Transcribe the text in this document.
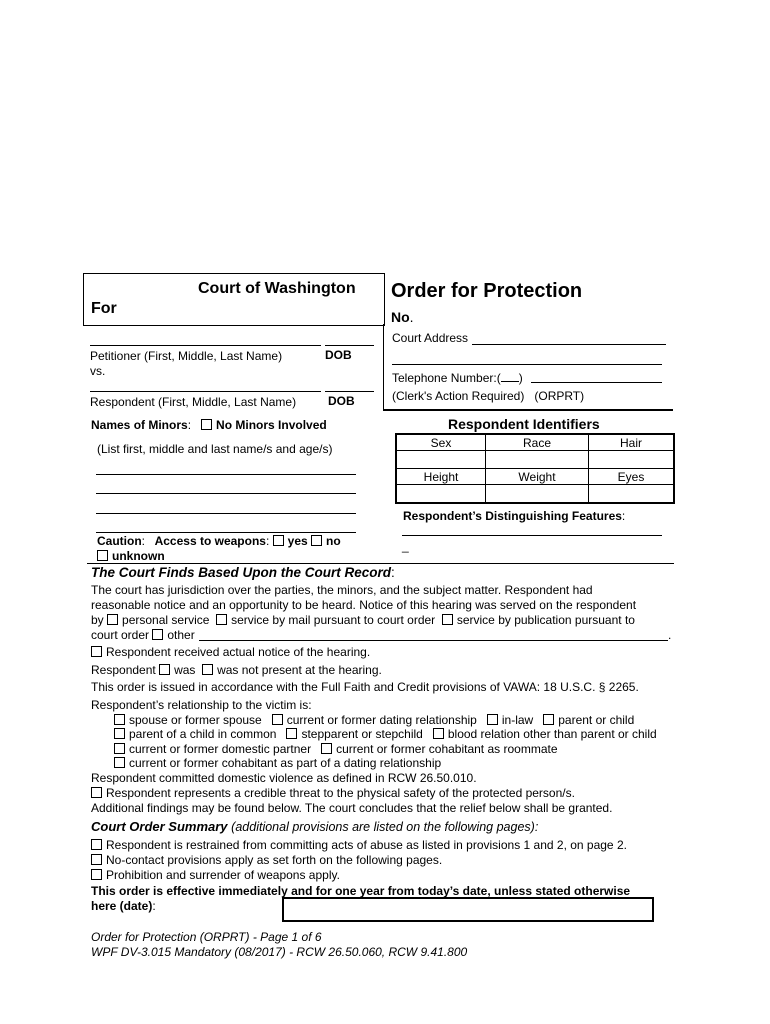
Court of Washington
For
Petitioner (First, Middle, Last Name)	DOB
vs.
Respondent (First, Middle, Last Name)	DOB
Order for Protection
No.
Court Address
Telephone Number:( )
(Clerk's Action Required) (ORPRT)
Names of Minors: No Minors Involved
(List first, middle and last name/s and age/s)
Respondent Identifiers
Sex	Race	Hair

Height	Weight	Eyes

Respondent’s Distinguishing Features:
_
Caution: Access to weapons: yes no
unknown
The Court Finds Based Upon the Court Record:
The court has jurisdiction over the parties, the minors, and the subject matter. Respondent had
reasonable notice and an opportunity to be heard. Notice of this hearing was served on the respondent
by personal service service by mail pursuant to court order service by publication pursuant to
court order other	.
Respondent received actual notice of the hearing.
Respondent was was not present at the hearing.
This order is issued in accordance with the Full Faith and Credit provisions of VAWA: 18 U.S.C. § 2265.
Respondent’s relationship to the victim is:
spouse or former spouse current or former dating relationship in-law parent or child
parent of a child in common stepparent or stepchild blood relation other than parent or child
current or former domestic partner current or former cohabitant as roommate
current or former cohabitant as part of a dating relationship
Respondent committed domestic violence as defined in RCW 26.50.010.
Respondent represents a credible threat to the physical safety of the protected person/s.
Additional findings may be found below. The court concludes that the relief below shall be granted.
Court Order Summary (additional provisions are listed on the following pages):
Respondent is restrained from committing acts of abuse as listed in provisions 1 and 2, on page 2.
No-contact provisions apply as set forth on the following pages.
Prohibition and surrender of weapons apply.
This order is effective immediately and for one year from today’s date, unless stated otherwise
here (date):
Order for Protection (ORPRT) - Page 1 of 6
WPF DV-3.015 Mandatory (08/2017) - RCW 26.50.060, RCW 9.41.800
